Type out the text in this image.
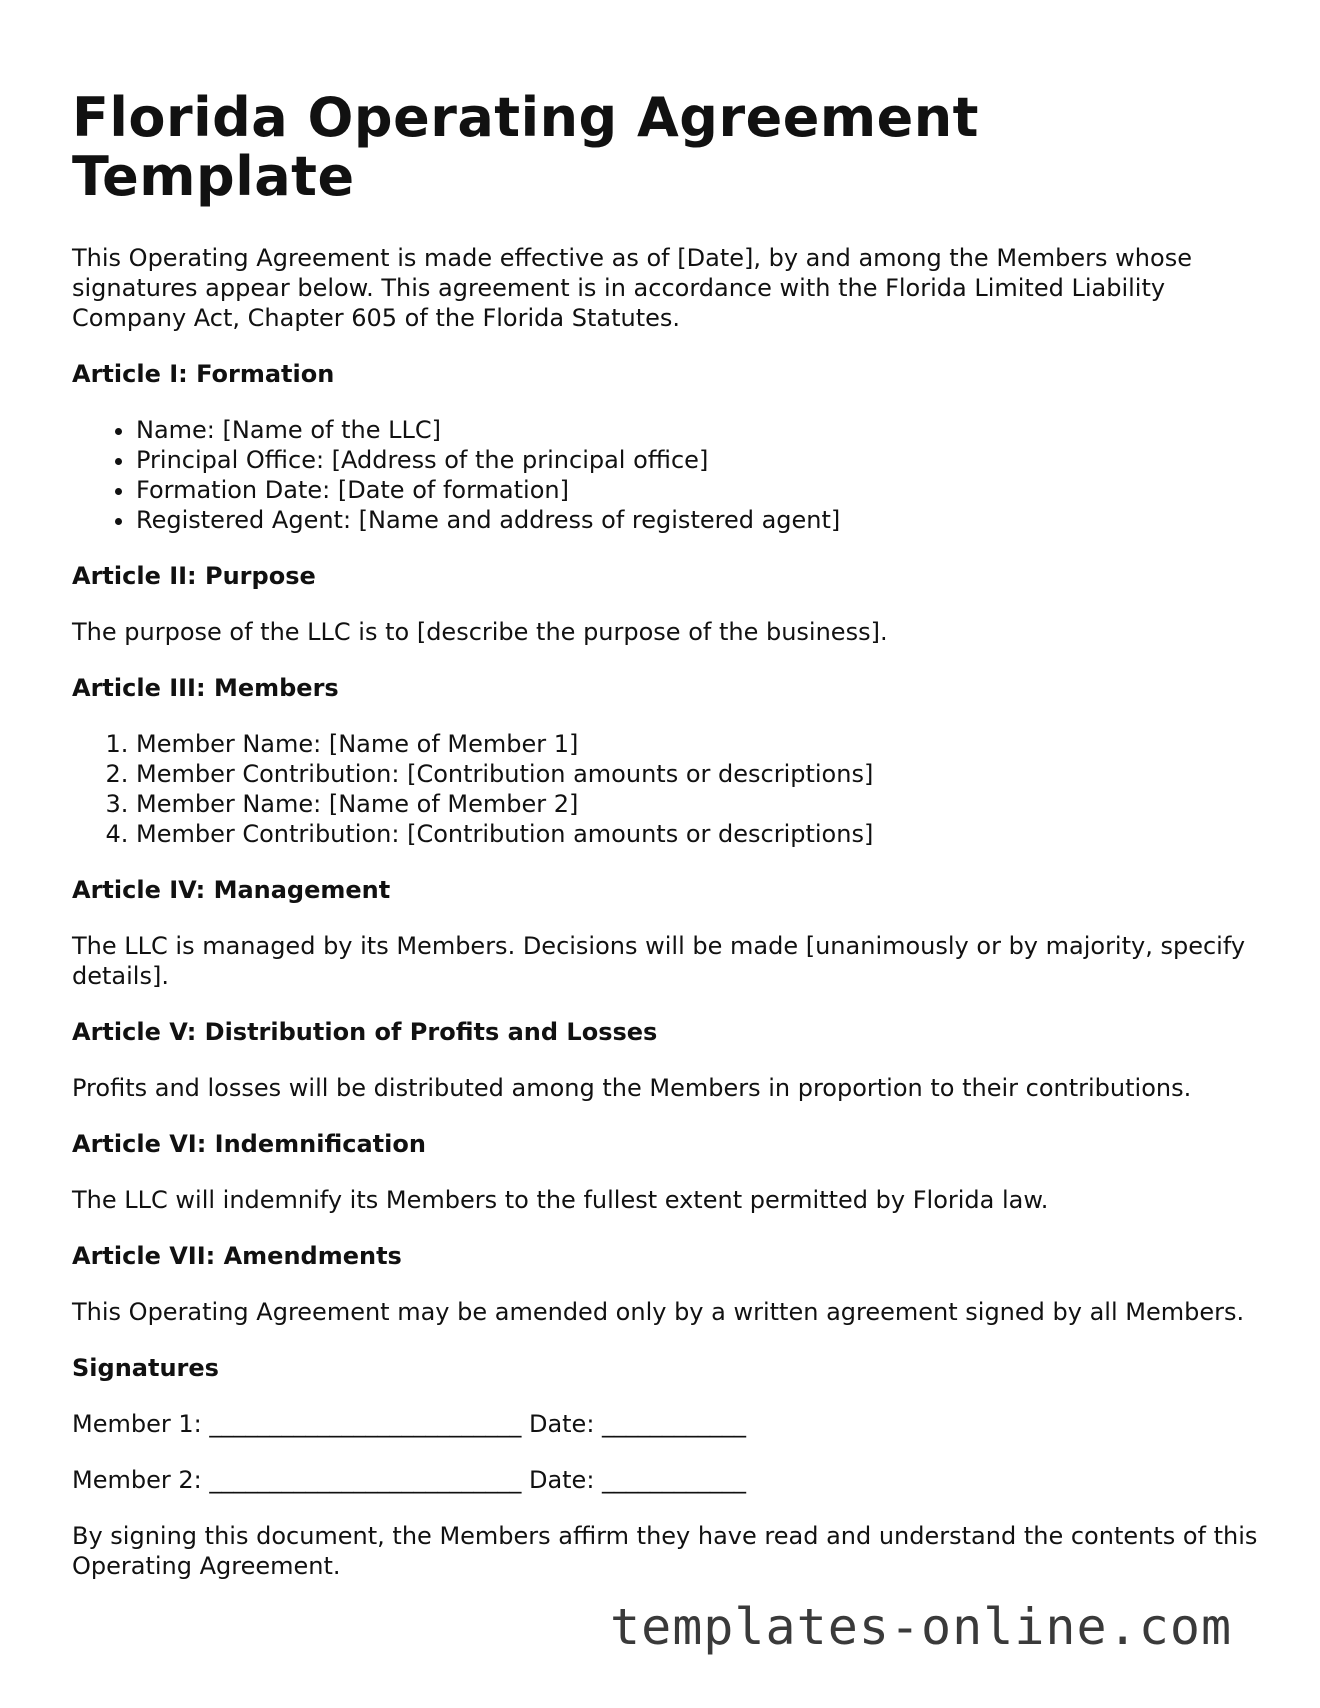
Florida Operating Agreement Template

This Operating Agreement is made effective as of [Date], by and among the Members whose signatures appear below. This agreement is in accordance with the Florida Limited Liability Company Act, Chapter 605 of the Florida Statutes.

Article I: Formation
• Name: [Name of the LLC]
• Principal Office: [Address of the principal office]
• Formation Date: [Date of formation]
• Registered Agent: [Name and address of registered agent]
Article II: Purpose

The purpose of the LLC is to [describe the purpose of the business].

Article III: Members
1. Member Name: [Name of Member 1]
2. Member Contribution: [Contribution amounts or descriptions]
3. Member Name: [Name of Member 2]
4. Member Contribution: [Contribution amounts or descriptions]
Article IV: Management

The LLC is managed by its Members. Decisions will be made [unanimously or by majority, specify details].

Article V: Distribution of Profits and Losses

Profits and losses will be distributed among the Members in proportion to their contributions.

Article VI: Indemnification

The LLC will indemnify its Members to the fullest extent permitted by Florida law.

Article VII: Amendments

This Operating Agreement may be amended only by a written agreement signed by all Members.

Signatures
Member 1: __________________________ Date: ____________
Member 2: __________________________ Date: ____________

By signing this document, the Members affirm they have read and understand the contents of this Operating Agreement.

templates-online.com
